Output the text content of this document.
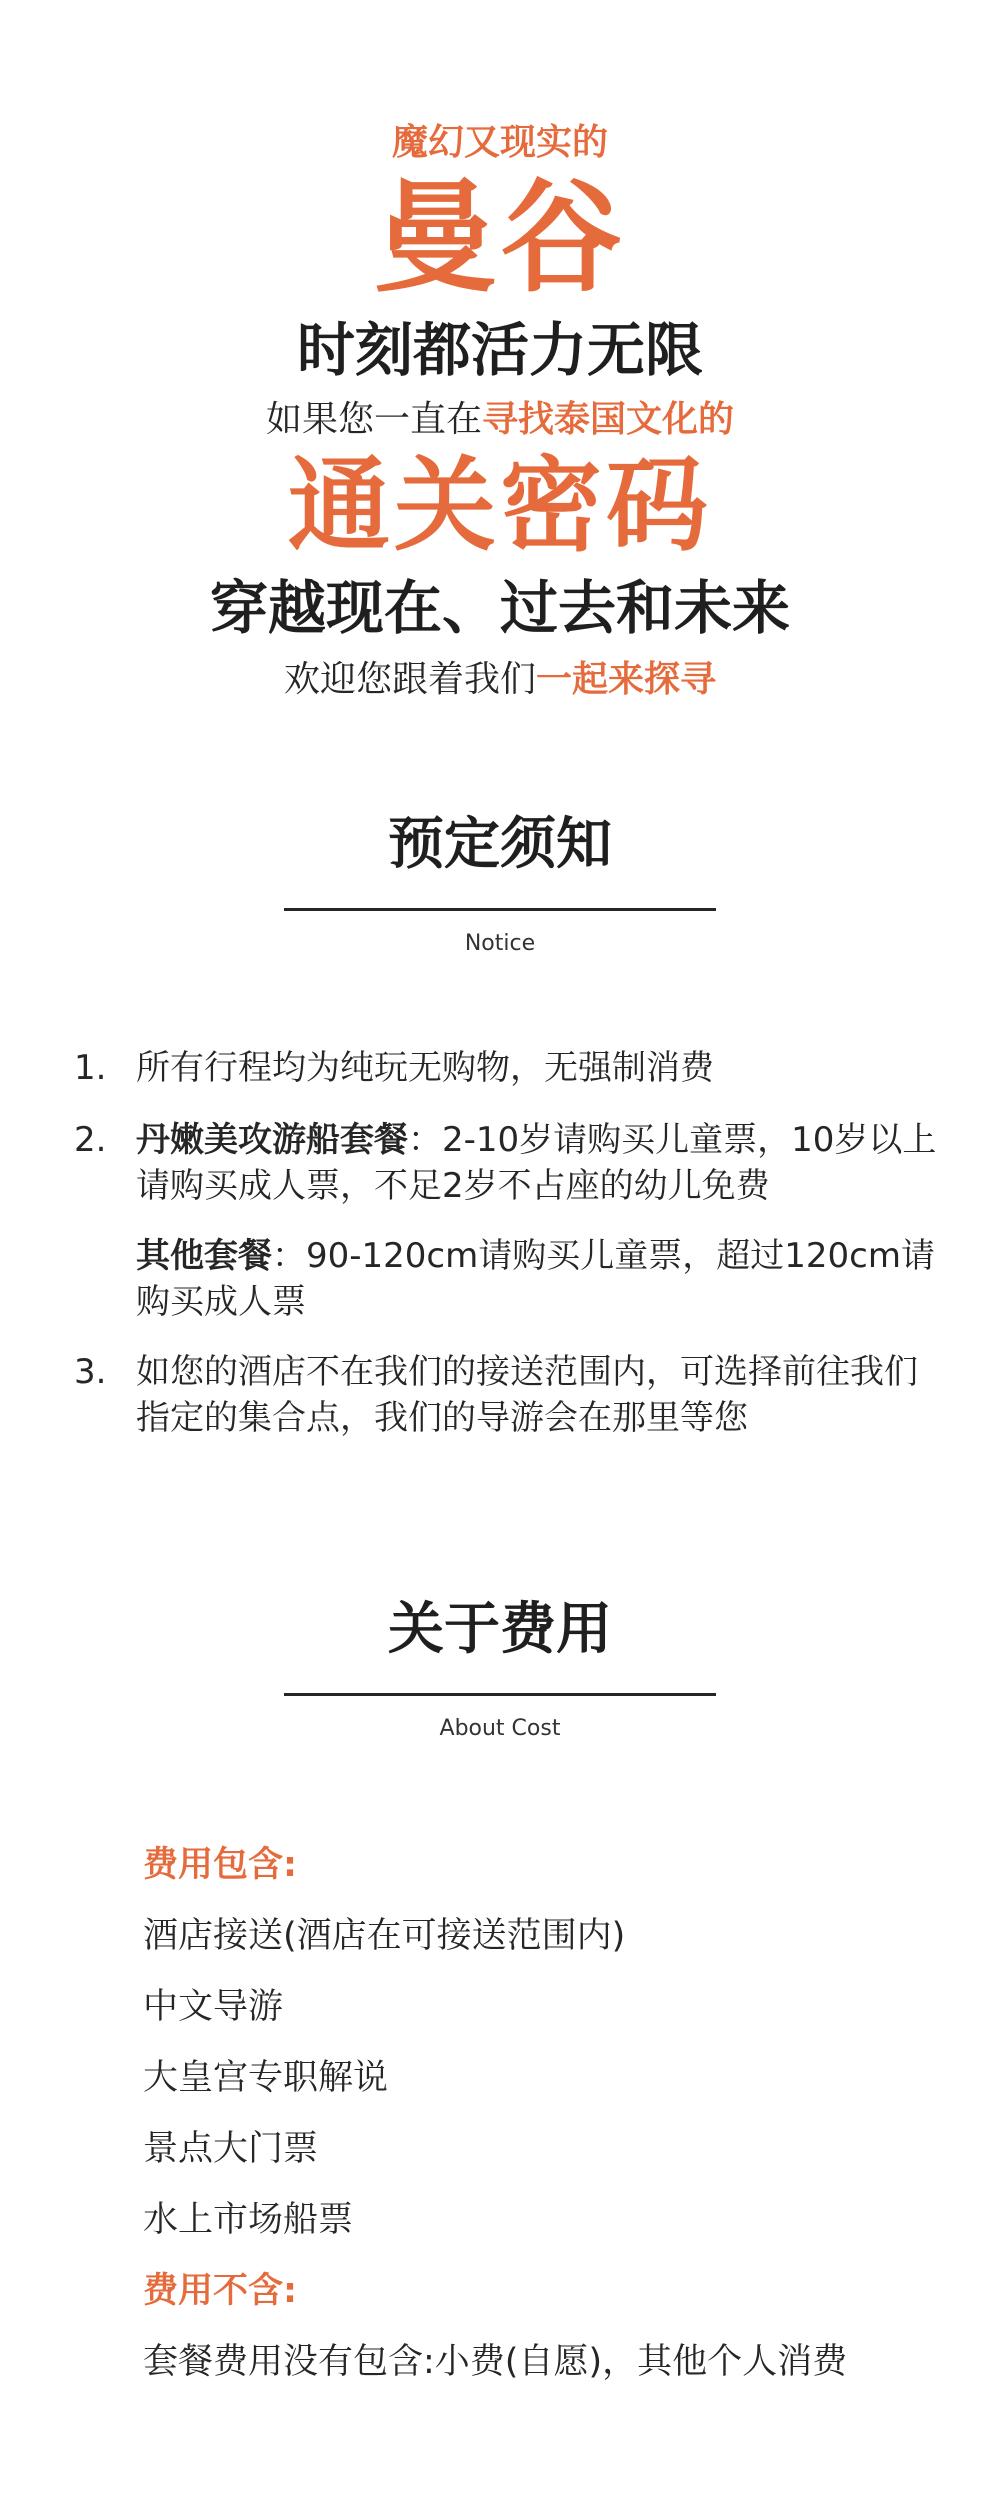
魔幻又现实的
曼谷
时刻都活力无限
如果您一直在寻找泰国文化的
通关密码
穿越现在、过去和未来
欢迎您跟着我们一起来探寻
预定须知
Notice
1. 所有行程均为纯玩无购物，无强制消费

2. 丹嫩美攻游船套餐：2-10岁请购买儿童票，10岁以上请购买成人票，不足2岁不占座的幼儿免费

其他套餐：90-120cm请购买儿童票，超过120cm请购买成人票

3. 如您的酒店不在我们的接送范围内，可选择前往我们指定的集合点，我们的导游会在那里等您

关于费用
About Cost
费用包含:
酒店接送(酒店在可接送范围内)
中文导游
大皇宫专职解说
景点大门票
水上市场船票
费用不含:
套餐费用没有包含:小费(自愿)，其他个人消费
